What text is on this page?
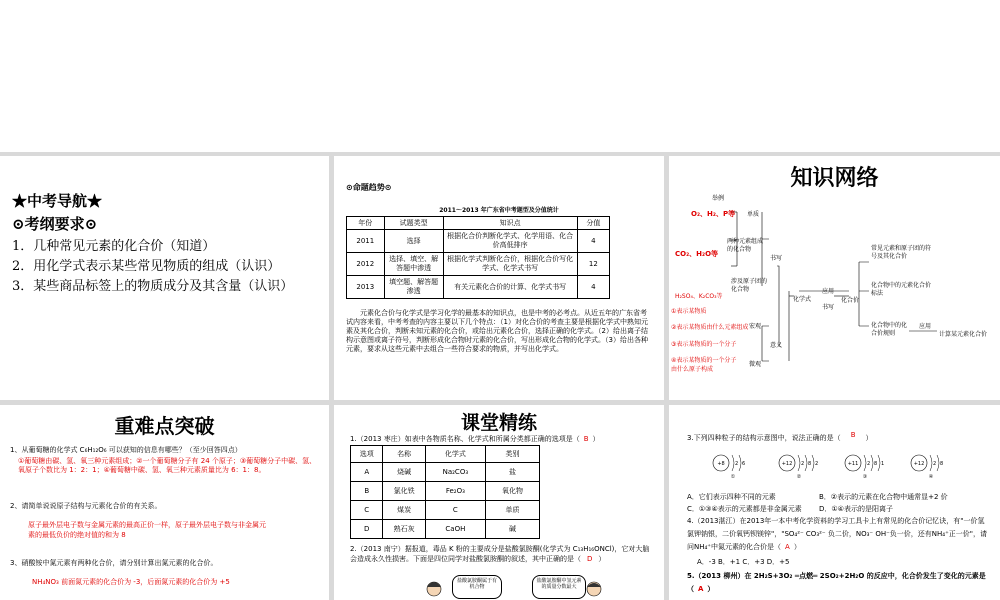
★中考导航★
⊙考纲要求⊙
1．几种常见元素的化合价（知道）
2．用化学式表示某些常见物质的组成（认识）
3．某些商品标签上的物质成分及其含量（认识）
⊙命题趋势⊙
2011～2013 年广东省中考题型及分值统计
年份	试题类型	知识点	分值
2011	选择	根据化合价判断化学式、化学用语、化合价高低排序	4
2012	选择、填空、解答题中渗透	根据化学式判断化合价，根据化合价写化学式、化学式书写	12
2013	填空题、解答题渗透	有关元素化合价的计算、化学式书写	4
元素化合价与化学式是学习化学的最基本的知识点，也是中考的必考点。从近五年的广东省考试内容来看，中考考查的内容主要以下几个特点：（1）对化合价的考查主要是根据化学式中熟知元素及其化合价，判断未知元素的化合价，或给出元素化合价，选择正确的化学式。（2）给出离子结构示意图或离子符号，判断形成化合物时元素的化合价，写出形成化合物的化学式。（3）给出各种元素，要求从这些元素中去组合一些符合要求的物质，并写出化学式。
知识网络
举例
单质
O₂、H₂、P等
两种元素组成的化合物
CO₂、H₂O等
涉及原子团的化合物
H₂SO₄、K₂CO₃等
书写
化学式
应用
书写
化合价
常见元素和原子团的符号及其化合价
化合物中的元素化合价标法
化合物中的化合价规则
应用
计算某元素化合价
宏观
意义
微观
①表示某物质
②表示某物质由什么元素组成
③表示某物质的一个分子
④表示某物质的一个分子由什么原子构成
重难点突破
1、从葡萄糖的化学式 C₆H₁₂O₆ 可以获知的信息有哪些？（至少回答四点）
①葡萄糖由碳、氢、氧三种元素组成；②一个葡萄糖分子有 24 个原子；③葡萄糖分子中碳、氢、氧原子个数比为 1：2：1；④葡萄糖中碳、氢、氧三种元素质量比为 6：1：8。
2、请简单说说原子结构与元素化合价的有关系。
原子最外层电子数与金属元素的最高正价一样，原子最外层电子数与非金属元素的最低负价的绝对值的和为 8
3、硝酸铵中氮元素有两种化合价，请分别计算出氮元素的化合价。
NH₄NO₃ 前面氮元素的化合价为 -3，后面氮元素的化合价为 +5
课堂精练
1.（2013 枣庄）如表中各物质名称、化学式和所属分类都正确的选项是（ B ）
选项	名称	化学式	类别
A	烧碱	Na₂CO₃	盐
B	氯化铁	Fe₂O₃	氧化物
C	煤炭	C	单质
D	熟石灰	CaOH	碱
2.（2013 南宁）据报道，毒品 K 粉的主要成分是盐酸氯胺酮(化学式为 C₁₃H₁₆ONCl)，它对大脑会造成永久性损害。下面是四位同学对盐酸氯胺酮的叙述，其中正确的是（ D ）
盐酸氯胺酮属于有机合物
盐酸氯胺酮中氢元素的质量分数最大
3.下列四种粒子的结构示意图中，说法正确的是（ B ）
+8 2 6
①
+12 2 8 2
②
+11 2 8 1
③
+12 2 8
④
A．它们表示四种不同的元素	B．②表示的元素在化合物中通常显+2 价
C．①③④表示的元素都是非金属元素 D．①④表示的是阳离子
4.（2013湛江）在2013年一本中考化学资料的学习工具卡上有常见的化合价记忆诀，有"一价氢氯钾钠银，二价氧钙钡镁锌"，"SO₄²⁻ CO₃²⁻ 负二价，NO₃⁻ OH⁻负一价，还有NH₄⁺正一价"，请问NH₄⁺中氮元素的化合价是（ A ）
A．-3 B．+1 C．+3 D．+5
5.（2013 柳州）在 2H₂S+3O₂ ═点燃═ 2SO₂+2H₂O 的反应中，化合价发生了变化的元素是（ A ）
